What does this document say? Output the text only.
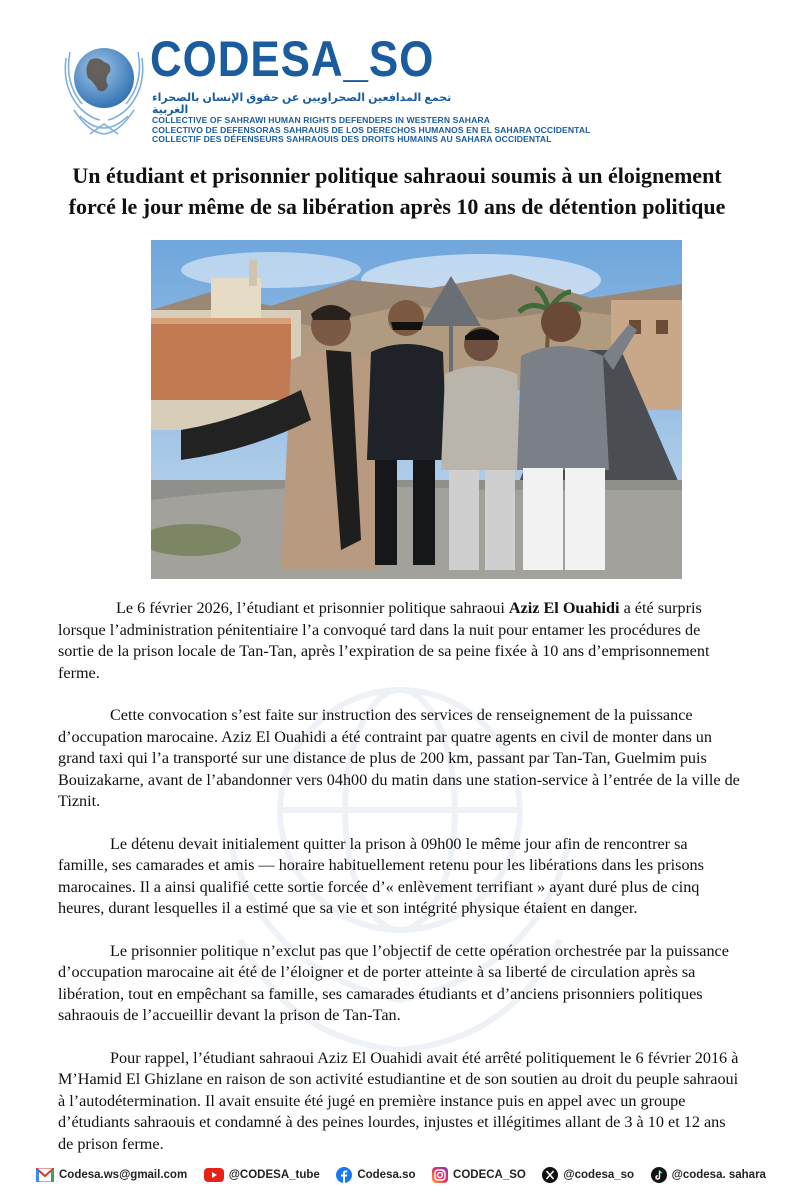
CODESA_SO
تجمع المدافعين الصحراويين عن حقوق الإنسان بالصحراء الغربية
COLLECTIVE OF SAHRAWI HUMAN RIGHTS DEFENDERS IN WESTERN SAHARA
COLECTIVO DE DEFENSORAS SAHRAUIS DE LOS DERECHOS HUMANOS EN EL SAHARA OCCIDENTAL
COLLECTIF DES DÉFENSEURS SAHRAOUIS DES DROITS HUMAINS AU SAHARA OCCIDENTAL
Un étudiant et prisonnier politique sahraoui soumis à un éloignement
forcé le jour même de sa libération après 10 ans de détention politique

Le 6 février 2026, l’étudiant et prisonnier politique sahraoui Aziz El Ouahidi a été surpris lorsque l’administration pénitentiaire l’a convoqué tard dans la nuit pour entamer les procédures de sortie de la prison locale de Tan-Tan, après l’expiration de sa peine fixée à 10 ans d’emprisonnement ferme.

Cette convocation s’est faite sur instruction des services de renseignement de la puissance d’occupation marocaine. Aziz El Ouahidi a été contraint par quatre agents en civil de monter dans un grand taxi qui l’a transporté sur une distance de plus de 200 km, passant par Tan-Tan, Guelmim puis Bouizakarne, avant de l’abandonner vers 04h00 du matin dans une station-service à l’entrée de la ville de Tiznit.

Le détenu devait initialement quitter la prison à 09h00 le même jour afin de rencontrer sa famille, ses camarades et amis — horaire habituellement retenu pour les libérations dans les prisons marocaines. Il a ainsi qualifié cette sortie forcée d’« enlèvement terrifiant » ayant duré plus de cinq heures, durant lesquelles il a estimé que sa vie et son intégrité physique étaient en danger.

Le prisonnier politique n’exclut pas que l’objectif de cette opération orchestrée par la puissance d’occupation marocaine ait été de l’éloigner et de porter atteinte à sa liberté de circulation après sa libération, tout en empêchant sa famille, ses camarades étudiants et d’anciens prisonniers politiques sahraouis de l’accueillir devant la prison de Tan-Tan.

Pour rappel, l’étudiant sahraoui Aziz El Ouahidi avait été arrêté politiquement le 6 février 2016 à M’Hamid El Ghizlane en raison de son activité estudiantine et de son soutien au droit du peuple sahraoui à l’autodétermination. Il avait ensuite été jugé en première instance puis en appel avec un groupe d’étudiants sahraouis et condamné à des peines lourdes, injustes et illégitimes allant de 3 à 10 et 12 ans de prison ferme.

Codesa.ws@gmail.com	@CODESA_tube	Codesa.so	CODECA_SO	@codesa_so	@codesa. sahara
